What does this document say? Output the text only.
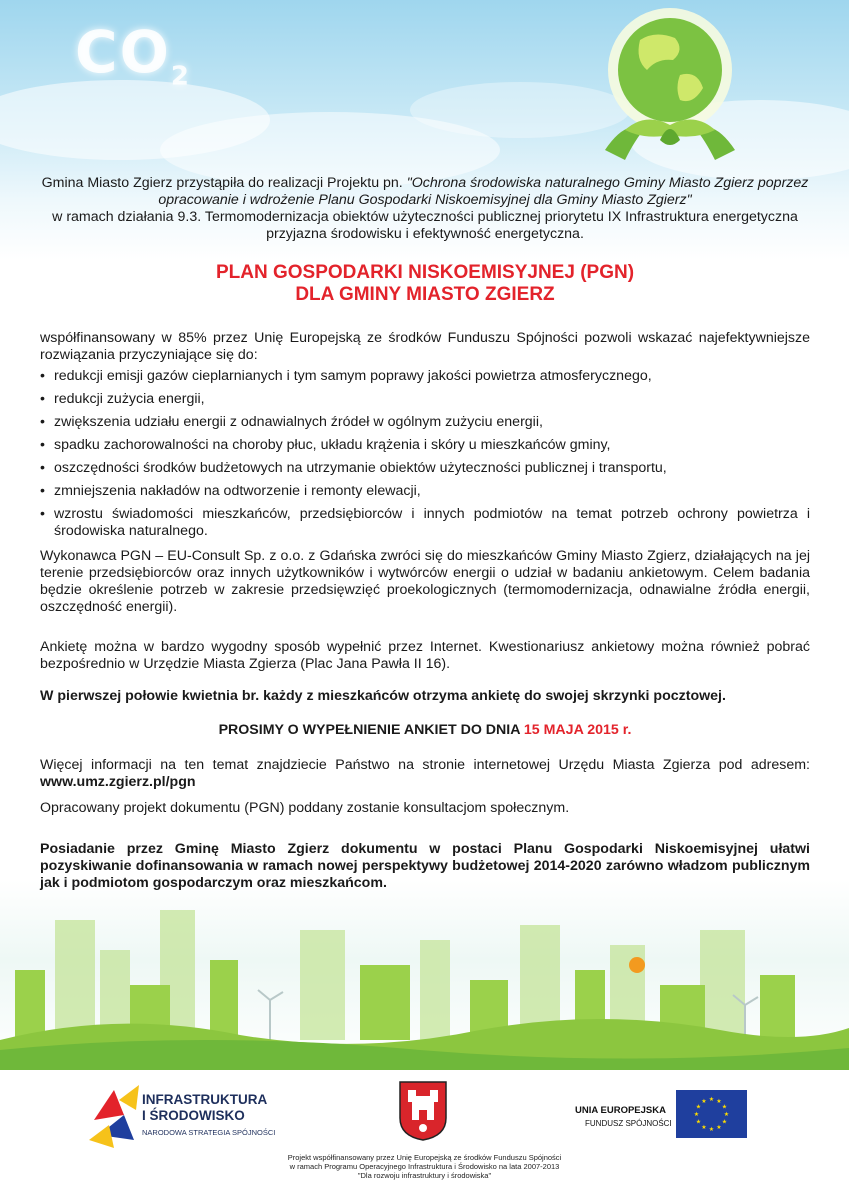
$CO_2$
Gmina Miasto Zgierz przystąpiła do realizacji Projektu pn. "Ochrona środowiska naturalnego Gminy Miasto Zgierz poprzez opracowanie i wdrożenie Planu Gospodarki Niskoemisyjnej dla Gminy Miasto Zgierz"
w ramach działania 9.3. Termomodernizacja obiektów użyteczności publicznej priorytetu IX Infrastruktura energetyczna przyjazna środowisku i efektywność energetyczna.
PLAN GOSPODARKI NISKOEMISYJNEJ (PGN)
DLA GMINY MIASTO ZGIERZ

współfinansowany w 85% przez Unię Europejską ze środków Funduszu Spójności pozwoli wskazać najefektywniejsze rozwiązania przyczyniające się do:

• redukcji emisji gazów cieplarnianych i tym samym poprawy jakości powietrza atmosferycznego,
• redukcji zużycia energii,
• zwiększenia udziału energii z odnawialnych źródeł w ogólnym zużyciu energii,
• spadku zachorowalności na choroby płuc, układu krążenia i skóry u mieszkańców gminy,
• oszczędności środków budżetowych na utrzymanie obiektów użyteczności publicznej i transportu,
• zmniejszenia nakładów na odtworzenie i remonty elewacji,
• wzrostu świadomości mieszkańców, przedsiębiorców i innych podmiotów na temat potrzeb ochrony powietrza i środowiska naturalnego.
Wykonawca PGN – EU-Consult Sp. z o.o. z Gdańska zwróci się do mieszkańców Gminy Miasto Zgierz, działających na jej terenie przedsiębiorców oraz innych użytkowników i wytwórców energii o udział w badaniu ankietowym. Celem badania będzie określenie potrzeb w zakresie przedsięwzięć proekologicznych (termomodernizacja, odnawialne źródła energii, oszczędność energii).
Ankietę można w bardzo wygodny sposób wypełnić przez Internet. Kwestionariusz ankietowy można również pobrać bezpośrednio w Urzędzie Miasta Zgierza (Plac Jana Pawła II 16).
W pierwszej połowie kwietnia br. każdy z mieszkańców otrzyma ankietę do swojej skrzynki pocztowej.
PROSIMY O WYPEŁNIENIE ANKIET DO DNIA 15 MAJA 2015 r.
Więcej informacji na ten temat znajdziecie Państwo na stronie internetowej Urzędu Miasta Zgierza pod adresem: www.umz.zgierz.pl/pgn
Opracowany projekt dokumentu (PGN) poddany zostanie konsultacjom społecznym.
Posiadanie przez Gminę Miasto Zgierz dokumentu w postaci Planu Gospodarki Niskoemisyjnej ułatwi pozyskiwanie dofinansowania w ramach nowej perspektywy budżetowej 2014-2020 zarówno władzom publicznym jak i podmiotom gospodarczym oraz mieszkańcom.
INFRASTRUKTURA
I ŚRODOWISKO
NARODOWA STRATEGIA SPÓJNOŚCI
UNIA EUROPEJSKA
FUNDUSZ SPÓJNOŚCI
★ ★
★
★
★
★
★
★
★
★
★
★
Projekt współfinansowany przez Unię Europejską ze środków Funduszu Spójności
w ramach Programu Operacyjnego Infrastruktura i Środowisko na lata 2007-2013
"Dla rozwoju infrastruktury i środowiska"
